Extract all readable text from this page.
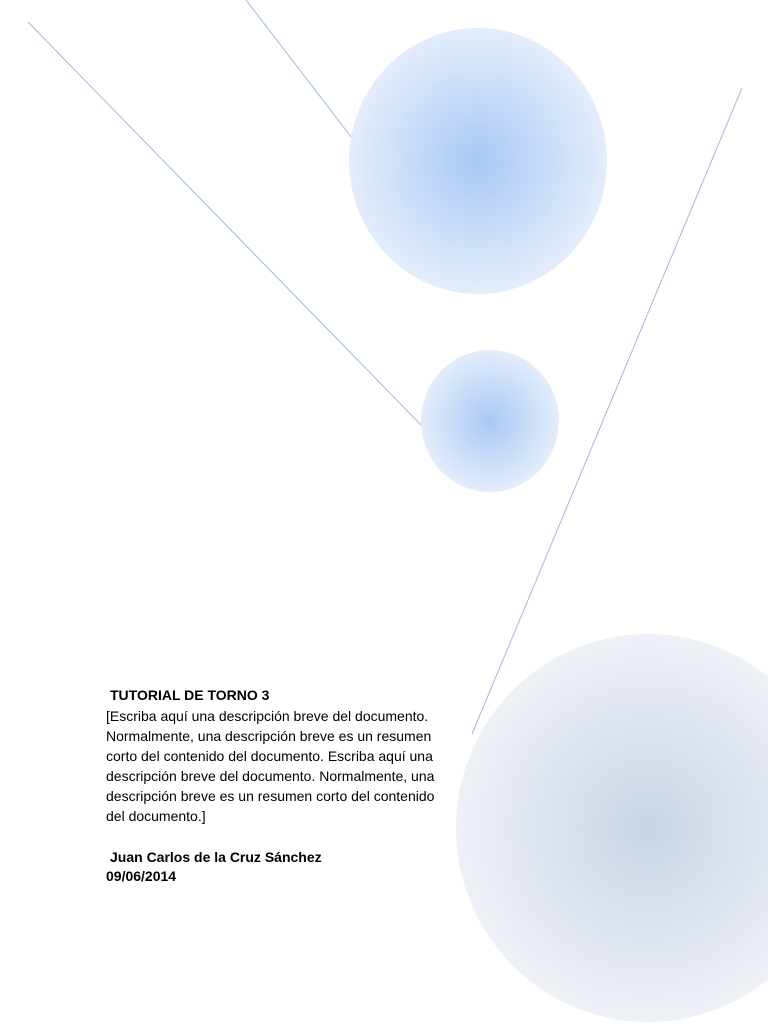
TUTORIAL DE TORNO 3

[Escriba aquí una descripción breve del documento. Normalmente, una descripción breve es un resumen corto del contenido del documento. Escriba aquí una descripción breve del documento. Normalmente, una descripción breve es un resumen corto del contenido del documento.]

Juan Carlos de la Cruz Sánchez
09/06/2014
